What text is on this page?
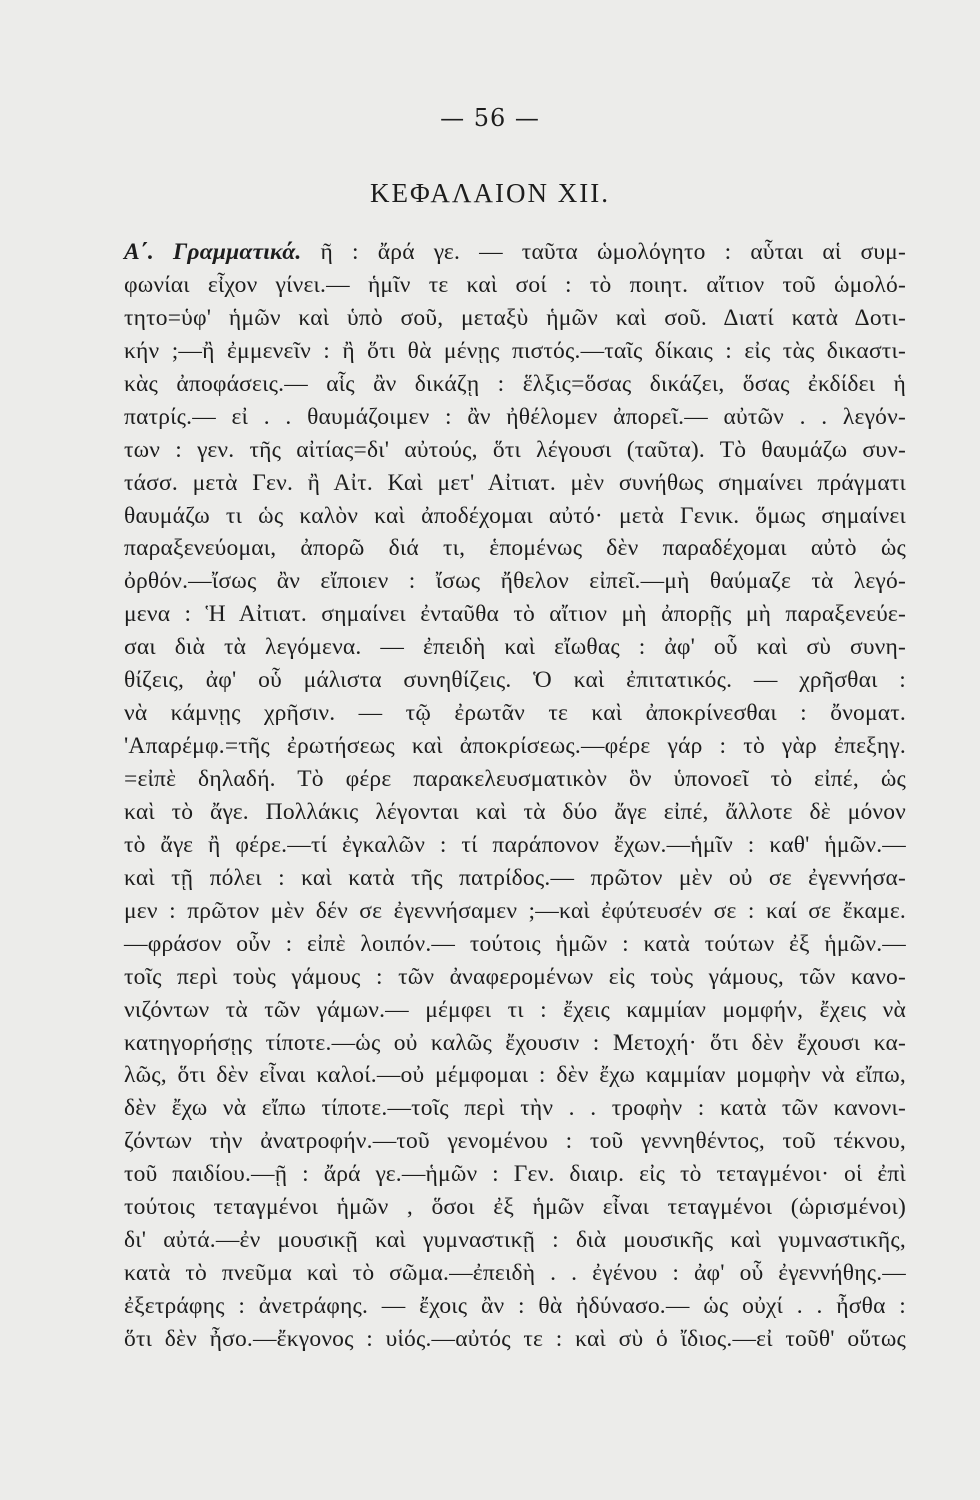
— 56 —
ΚΕΦΑΛΑΙΟΝ XII.
Α΄. Γραμματικά. ῆ : ἄρά γε. — ταῦτα ὡμολόγητο : αὗται αἱ συμ-
φωνίαι εἶχον γίνει.— ἡμῖν τε καὶ σοί : τὸ ποιητ. αἴτιον τοῦ ὡμολό-
τητο=ὑφ' ἡμῶν καὶ ὑπὸ σοῦ, μεταξὺ ἡμῶν καὶ σοῦ. Διατί κατὰ Δοτι-
κήν ;—ἢ ἐμμενεῖν : ἢ ὅτι θὰ μένῃς πιστός.—ταῖς δίκαις : εἰς τὰς δικαστι-
κὰς ἀποφάσεις.— αἷς ἂν δικάζῃ : ἕλξις=ὅσας δικάζει, ὅσας ἐκδίδει ἡ
πατρίς.— εἰ . . θαυμάζοιμεν : ἂν ἠθέλομεν ἀπορεῖ.— αὐτῶν . . λεγόν-
των : γεν. τῆς αἰτίας=δι' αὐτούς, ὅτι λέγουσι (ταῦτα). Τὸ θαυμάζω συν-
τάσσ. μετὰ Γεν. ἢ Αἰτ. Καὶ μετ' Αἰτιατ. μὲν συνήθως σημαίνει πράγματι
θαυμάζω τι ὡς καλὸν καὶ ἀποδέχομαι αὐτό· μετὰ Γενικ. ὅμως σημαίνει
παραξενεύομαι, ἀπορῶ διά τι, ἑπομένως δὲν παραδέχομαι αὐτὸ ὡς
ὀρθόν.—ἴσως ἂν εἴποιεν : ἴσως ἤθελον εἰπεῖ.—μὴ θαύμαζε τὰ λεγό-
μενα : Ἡ Αἰτιατ. σημαίνει ἐνταῦθα τὸ αἴτιον μὴ ἀπορῇς μὴ παραξενεύε-
σαι διὰ τὰ λεγόμενα. — ἐπειδὴ καὶ εἴωθας : ἀφ' οὗ καὶ σὺ συνη-
θίζεις, ἀφ' οὗ μάλιστα συνηθίζεις. Ὁ καὶ ἐπιτατικός. — χρῆσθαι :
νὰ κάμνῃς χρῆσιν. — τῷ ἐρωτᾶν τε καὶ ἀποκρίνεσθαι : ὄνοματ.
'Απαρέμφ.=τῆς ἐρωτήσεως καὶ ἀποκρίσεως.—φέρε γάρ : τὸ γὰρ ἐπεξηγ.
=εἰπὲ δηλαδή. Τὸ φέρε παρακελευσματικὸν ὃν ὑπονοεῖ τὸ εἰπέ, ὡς
καὶ τὸ ἄγε. Πολλάκις λέγονται καὶ τὰ δύο ἄγε εἰπέ, ἄλλοτε δὲ μόνον
τὸ ἄγε ἢ φέρε.—τί ἐγκαλῶν : τί παράπονον ἔχων.—ἡμῖν : καθ' ἡμῶν.—
καὶ τῇ πόλει : καὶ κατὰ τῆς πατρίδος.— πρῶτον μὲν οὐ σε ἐγεννήσα-
μεν : πρῶτον μὲν δέν σε ἐγεννήσαμεν ;—καὶ ἐφύτευσέν σε : καί σε ἔκαμε.
—φράσον οὖν : εἰπὲ λοιπόν.— τούτοις ἡμῶν : κατὰ τούτων ἐξ ἡμῶν.—
τοῖς περὶ τοὺς γάμους : τῶν ἀναφερομένων εἰς τοὺς γάμους, τῶν κανο-
νιζόντων τὰ τῶν γάμων.— μέμφει τι : ἔχεις καμμίαν μομφήν, ἔχεις νὰ
κατηγορήσῃς τίποτε.—ὡς οὐ καλῶς ἔχουσιν : Μετοχή· ὅτι δὲν ἔχουσι κα-
λῶς, ὅτι δὲν εἶναι καλοί.—οὐ μέμφομαι : δὲν ἔχω καμμίαν μομφὴν νὰ εἴπω,
δὲν ἔχω νὰ εἴπω τίποτε.—τοῖς περὶ τὴν . . τροφὴν : κατὰ τῶν κανονι-
ζόντων τὴν ἀνατροφήν.—τοῦ γενομένου : τοῦ γεννηθέντος, τοῦ τέκνου,
τοῦ παιδίου.—ῇ : ἄρά γε.—ἡμῶν : Γεν. διαιρ. εἰς τὸ τεταγμένοι· οἱ ἐπὶ
τούτοις τεταγμένοι ἡμῶν , ὅσοι ἐξ ἡμῶν εἶναι τεταγμένοι (ὡρισμένοι)
δι' αὐτά.—ἐν μουσικῇ καὶ γυμναστικῇ : διὰ μουσικῆς καὶ γυμναστικῆς,
κατὰ τὸ πνεῦμα καὶ τὸ σῶμα.—ἐπειδὴ . . ἐγένου : ἀφ' οὗ ἐγεννήθης.—
ἐξετράφης : ἀνετράφης. — ἔχοις ἂν : θὰ ἠδύνασο.— ὡς οὐχί . . ἦσθα :
ὅτι δὲν ἦσο.—ἔκγονος : υἱός.—αὐτός τε : καὶ σὺ ὁ ἴδιος.—εἰ τοῦθ' οὕτως
